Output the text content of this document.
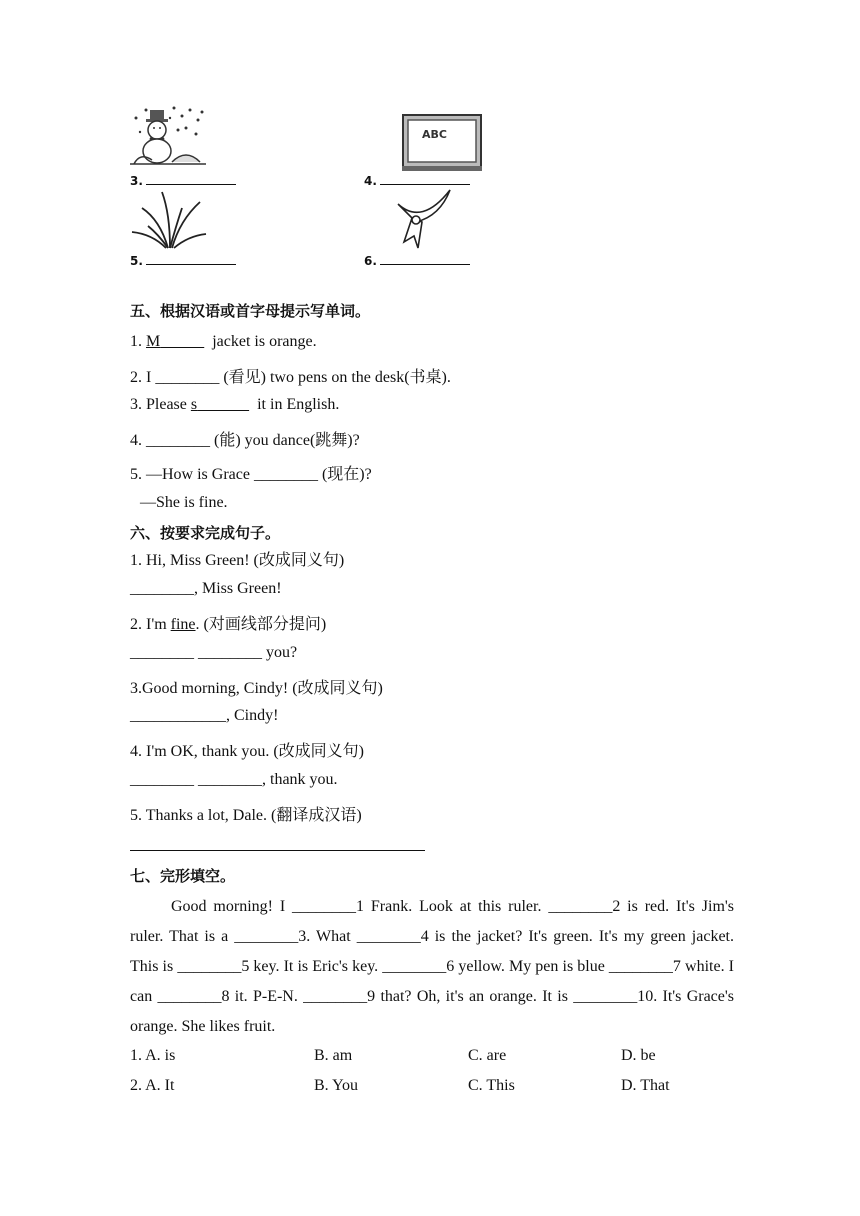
3.
ABC
4.
5.	6.
五、根据汉语或首字母提示写单词。
1. M	jacket is orange.
2. I ________ (看见) two pens on the desk(书桌).
3. Please s	it in English.
4. ________ (能) you dance(跳舞)?
5. —How is Grace ________ (现在)?
—She is fine.
六、按要求完成句子。
1. Hi, Miss Green! (改成同义句)
________, Miss Green!
2. I'm fine. (对画线部分提问)
________ ________ you?
3.Good morning, Cindy! (改成同义句)
____________, Cindy!
4. I'm OK, thank you. (改成同义句)
________ ________, thank you.
5. Thanks a lot, Dale. (翻译成汉语)
七、完形填空。
Good morning! I ________1 Frank. Look at this ruler. ________2 is red. It's Jim's ruler. That is a ________3. What ________4 is the jacket? It's green. It's my green jacket. This is ________5 key. It is Eric's key. ________6 yellow. My pen is blue ________7 white. I can ________8 it. P-E-N. ________9 that? Oh, it's an orange. It is ________10. It's Grace's orange. She likes fruit.
1. A. is	B. am	C. are	D. be
2. A. It	B. You	C. This	D. That
